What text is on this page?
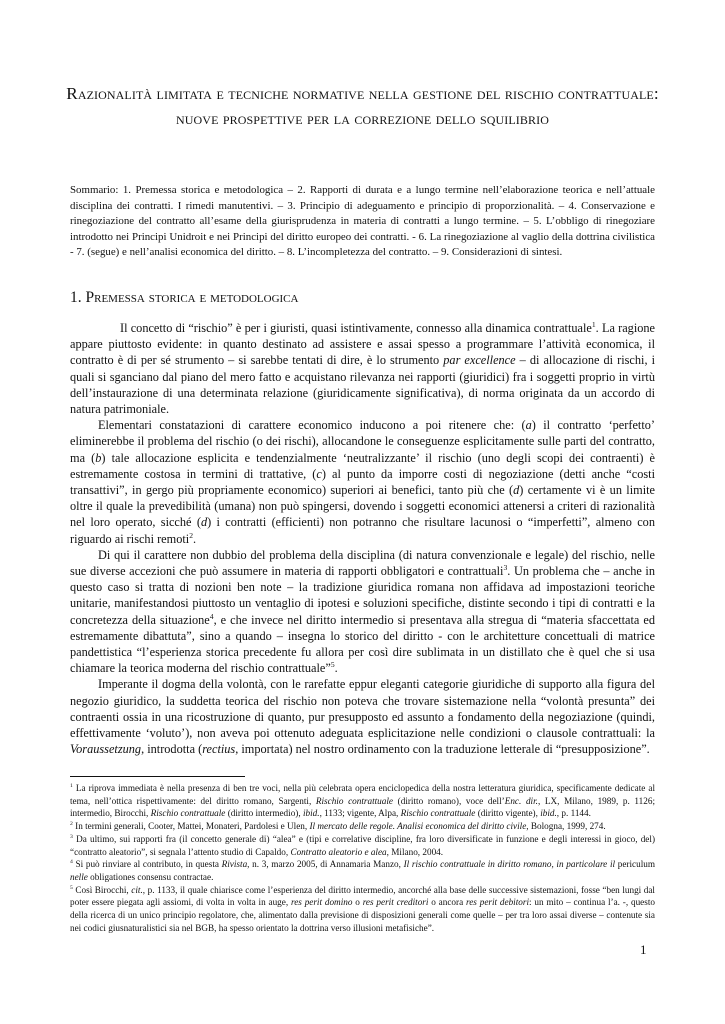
Razionalità limitata e tecniche normative nella gestione del rischio contrattuale: nuove prospettive per la correzione dello squilibrio

Sommario: 1. Premessa storica e metodologica – 2. Rapporti di durata e a lungo termine nell’elaborazione teorica e nell’attuale disciplina dei contratti. I rimedi manutentivi. – 3. Principio di adeguamento e principio di proporzionalità. – 4. Conservazione e rinegoziazione del contratto all’esame della giurisprudenza in materia di contratti a lungo termine. – 5. L’obbligo di rinegoziare introdotto nei Principi Unidroit e nei Principi del diritto europeo dei contratti. - 6. La rinegoziazione al vaglio della dottrina civilistica - 7. (segue) e nell’analisi economica del diritto. – 8. L’incompletezza del contratto. – 9. Considerazioni di sintesi.

1. Premessa storica e metodologica

Il concetto di “rischio” è per i giuristi, quasi istintivamente, connesso alla dinamica contrattuale$^1$. La ragione appare piuttosto evidente: in quanto destinato ad assistere e assai spesso a programmare l’attività economica, il contratto è di per sé strumento – si sarebbe tentati di dire, è lo strumento par excellence – di allocazione di rischi, i quali si sganciano dal piano del mero fatto e acquistano rilevanza nei rapporti (giuridici) fra i soggetti proprio in virtù dell’instaurazione di una determinata relazione (giuridicamente significativa), di norma originata da un accordo di natura patrimoniale.

Elementari constatazioni di carattere economico inducono a poi ritenere che: (a) il contratto ‘perfetto’ eliminerebbe il problema del rischio (o dei rischi), allocandone le conseguenze esplicitamente sulle parti del contratto, ma (b) tale allocazione esplicita e tendenzialmente ‘neutralizzante’ il rischio (uno degli scopi dei contraenti) è estremamente costosa in termini di trattative, (c) al punto da imporre costi di negoziazione (detti anche “costi transattivi”, in gergo più propriamente economico) superiori ai benefici, tanto più che (d) certamente vi è un limite oltre il quale la prevedibilità (umana) non può spingersi, dovendo i soggetti economici attenersi a criteri di razionalità nel loro operato, sicché (d) i contratti (efficienti) non potranno che risultare lacunosi o “imperfetti”, almeno con riguardo ai rischi remoti$^2$.

Di qui il carattere non dubbio del problema della disciplina (di natura convenzionale e legale) del rischio, nelle sue diverse accezioni che può assumere in materia di rapporti obbligatori e contrattuali$^3$. Un problema che – anche in questo caso si tratta di nozioni ben note – la tradizione giuridica romana non affidava ad impostazioni teoriche unitarie, manifestandosi piuttosto un ventaglio di ipotesi e soluzioni specifiche, distinte secondo i tipi di contratti e la concretezza della situazione$^4$, e che invece nel diritto intermedio si presentava alla stregua di “materia sfaccettata ed estremamente dibattuta”, sino a quando – insegna lo storico del diritto - con le architetture concettuali di matrice pandettistica “l’esperienza storica precedente fu allora per così dire sublimata in un distillato che è quel che si usa chiamare la teorica moderna del rischio contrattuale”$^5$.

Imperante il dogma della volontà, con le rarefatte eppur eleganti categorie giuridiche di supporto alla figura del negozio giuridico, la suddetta teorica del rischio non poteva che trovare sistemazione nella “volontà presunta” dei contraenti ossia in una ricostruzione di quanto, pur presupposto ed assunto a fondamento della negoziazione (quindi, effettivamente ‘voluto’), non aveva poi ottenuto adeguata esplicitazione nelle condizioni o clausole contrattuali: la Voraussetzung, introdotta (rectius, importata) nel nostro ordinamento con la traduzione letterale di “presupposizione”.

$^1$ La riprova immediata è nella presenza di ben tre voci, nella più celebrata opera enciclopedica della nostra letteratura giuridica, specificamente dedicate al tema, nell’ottica rispettivamente: del diritto romano, Sargenti, Rischio contrattuale (diritto romano), voce dell’Enc. dir., LX, Milano, 1989, p. 1126; intermedio, Birocchi, Rischio contrattuale (diritto intermedio), ibid., 1133; vigente, Alpa, Rischio contrattuale (diritto vigente), ibid., p. 1144.

$^2$ In termini generali, Cooter, Mattei, Monateri, Pardolesi e Ulen, Il mercato delle regole. Analisi economica del diritto civile, Bologna, 1999, 274.

$^3$ Da ultimo, sui rapporti fra (il concetto generale di) “alea” e (tipi e correlative discipline, fra loro diversificate in funzione e degli interessi in gioco, del) “contratto aleatorio”, si segnala l’attento studio di Capaldo, Contratto aleatorio e alea, Milano, 2004.

$^4$ Si può rinviare al contributo, in questa Rivista, n. 3, marzo 2005, di Annamaria Manzo, Il rischio contrattuale in diritto romano, in particolare il periculum nelle obligationes consensu contractae.

$^5$ Così Birocchi, cit., p. 1133, il quale chiarisce come l’esperienza del diritto intermedio, ancorché alla base delle successive sistemazioni, fosse “ben lungi dal poter essere piegata agli assiomi, di volta in volta in auge, res perit domino o res perit creditori o ancora res perit debitori: un mito – continua l’a. -, questo della ricerca di un unico principio regolatore, che, alimentato dalla previsione di disposizioni generali come quelle – per tra loro assai diverse – contenute sia nei codici giusnaturalistici sia nel BGB, ha spesso orientato la dottrina verso illusioni metafisiche”.

1
